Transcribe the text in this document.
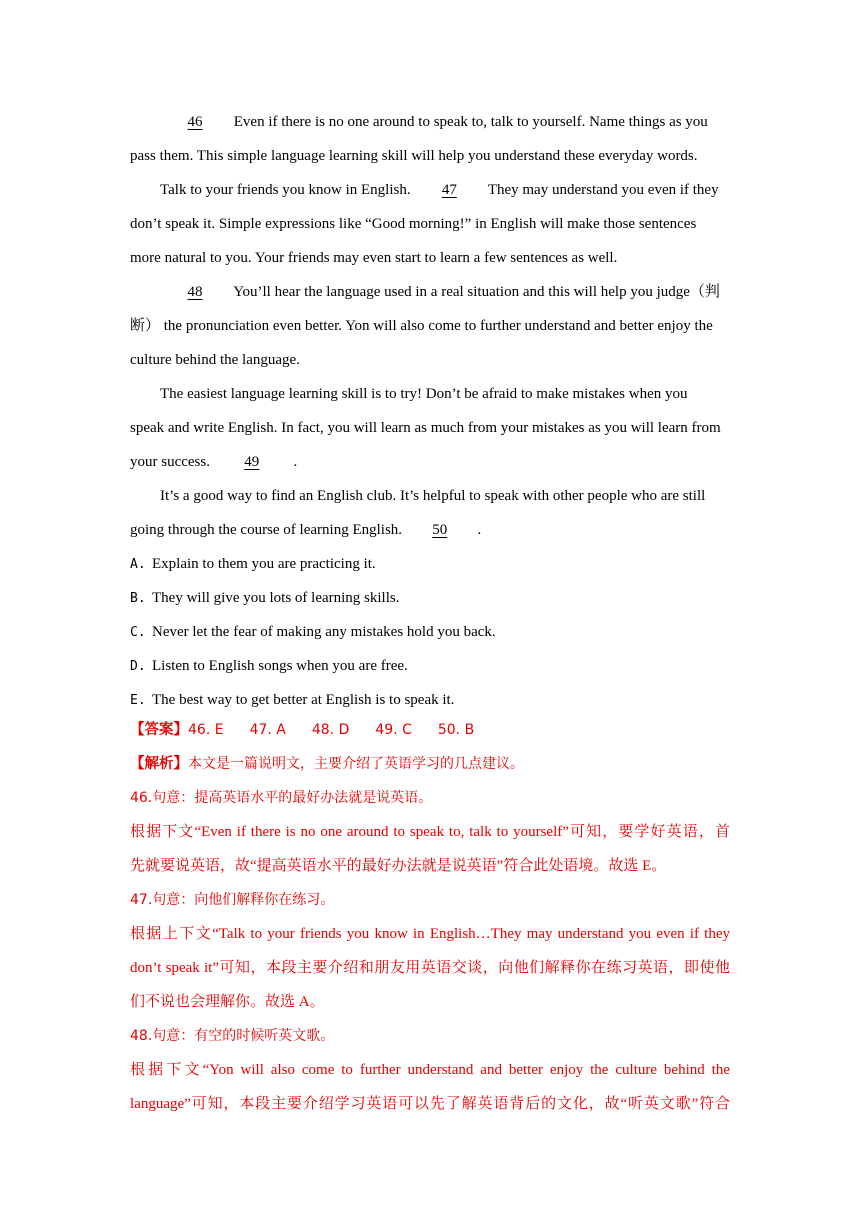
46 Even if there is no one around to speak to, talk to yourself. Name things as you
pass them. This simple language learning skill will help you understand these everyday words.
Talk to your friends you know in English. 47 They may understand you even if they
don’t speak it. Simple expressions like “Good morning!” in English will make those sentences
more natural to you. Your friends may even start to learn a few sentences as well.
48 You’ll hear the language used in a real situation and this will help you judge（判
断） the pronunciation even better. Yon will also come to further understand and better enjoy the
culture behind the language.
The easiest language learning skill is to try! Don’t be afraid to make mistakes when you
speak and write English. In fact, you will learn as much from your mistakes as you will learn from
your success. 49 .
It’s a good way to find an English club. It’s helpful to speak with other people who are still
going through the course of learning English. 50 .
A. Explain to them you are practicing it.
B. They will give you lots of learning skills.
C. Never let the fear of making any mistakes hold you back.
D. Listen to English songs when you are free.
E. The best way to get better at English is to speak it.
【答案】46. E 47. A 48. D 49. C 50. B
【解析】本文是一篇说明文，主要介绍了英语学习的几点建议。
46.句意：提高英语水平的最好办法就是说英语。
根据下文“Even if there is no one around to speak to, talk to yourself”可知，要学好英语，首
先就要说英语，故“提高英语水平的最好办法就是说英语”符合此处语境。故选 E。
47.句意：向他们解释你在练习。
根据上下文“Talk to your friends you know in English…They may understand you even if they
don’t speak it”可知，本段主要介绍和朋友用英语交谈，向他们解释你在练习英语，即使他
们不说也会理解你。故选 A。
48.句意：有空的时候听英文歌。
根据下文“Yon will also come to further understand and better enjoy the culture behind the
language”可知，本段主要介绍学习英语可以先了解英语背后的文化，故“听英文歌”符合
